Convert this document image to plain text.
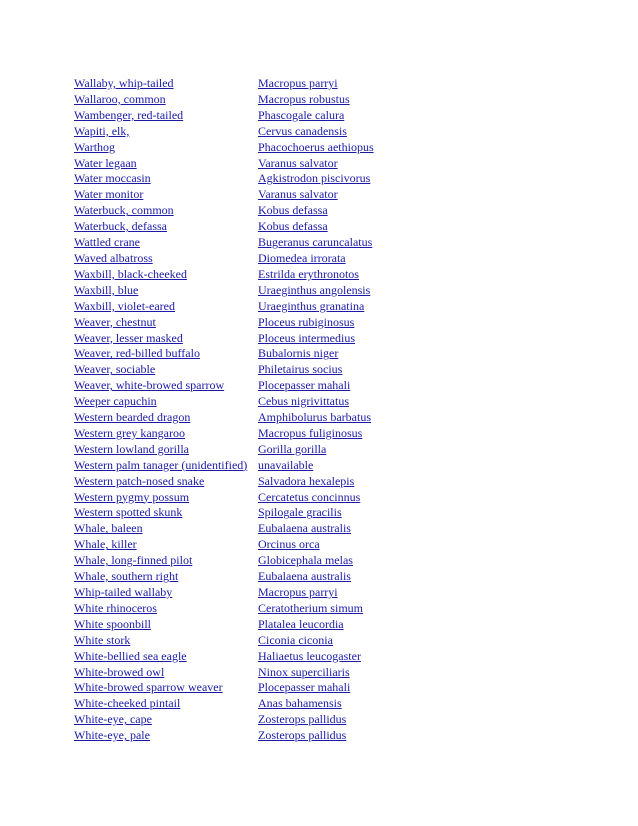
Wallaby, whip-tailed	Macropus parryi
Wallaroo, common	Macropus robustus
Wambenger, red-tailed	Phascogale calura
Wapiti, elk,	Cervus canadensis
Warthog	Phacochoerus aethiopus
Water legaan	Varanus salvator
Water moccasin	Agkistrodon piscivorus
Water monitor	Varanus salvator
Waterbuck, common	Kobus defassa
Waterbuck, defassa	Kobus defassa
Wattled crane	Bugeranus caruncalatus
Waved albatross	Diomedea irrorata
Waxbill, black-cheeked	Estrilda erythronotos
Waxbill, blue	Uraeginthus angolensis
Waxbill, violet-eared	Uraeginthus granatina
Weaver, chestnut	Ploceus rubiginosus
Weaver, lesser masked	Ploceus intermedius
Weaver, red-billed buffalo	Bubalornis niger
Weaver, sociable	Philetairus socius
Weaver, white-browed sparrow	Plocepasser mahali
Weeper capuchin	Cebus nigrivittatus
Western bearded dragon	Amphibolurus barbatus
Western grey kangaroo	Macropus fuliginosus
Western lowland gorilla	Gorilla gorilla
Western palm tanager (unidentified)	unavailable
Western patch-nosed snake	Salvadora hexalepis
Western pygmy possum	Cercatetus concinnus
Western spotted skunk	Spilogale gracilis
Whale, baleen	Eubalaena australis
Whale, killer	Orcinus orca
Whale, long-finned pilot	Globicephala melas
Whale, southern right	Eubalaena australis
Whip-tailed wallaby	Macropus parryi
White rhinoceros	Ceratotherium simum
White spoonbill	Platalea leucordia
White stork	Ciconia ciconia
White-bellied sea eagle	Haliaetus leucogaster
White-browed owl	Ninox superciliaris
White-browed sparrow weaver	Plocepasser mahali
White-cheeked pintail	Anas bahamensis
White-eye, cape	Zosterops pallidus
White-eye, pale	Zosterops pallidus
